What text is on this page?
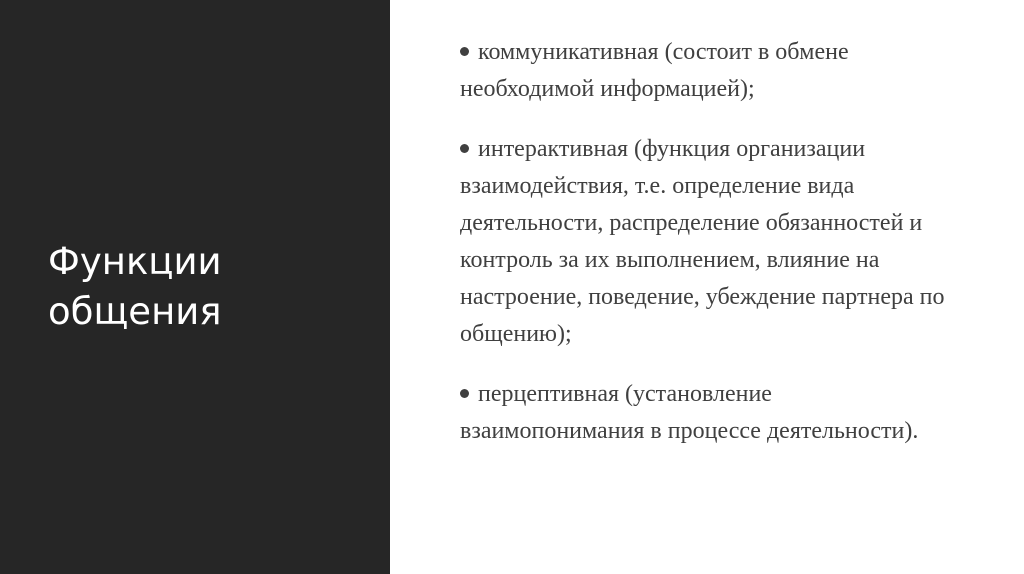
Функции общения
коммуникативная (состоит в обмене необходимой информацией);
интерактивная (функция организации взаимодействия, т.е. определение вида деятельности, распределение обязанностей и контроль за их выполнением, влияние на настроение, поведение, убеждение партнера по общению);
перцептивная (установление взаимопонимания в процессе деятельности).
